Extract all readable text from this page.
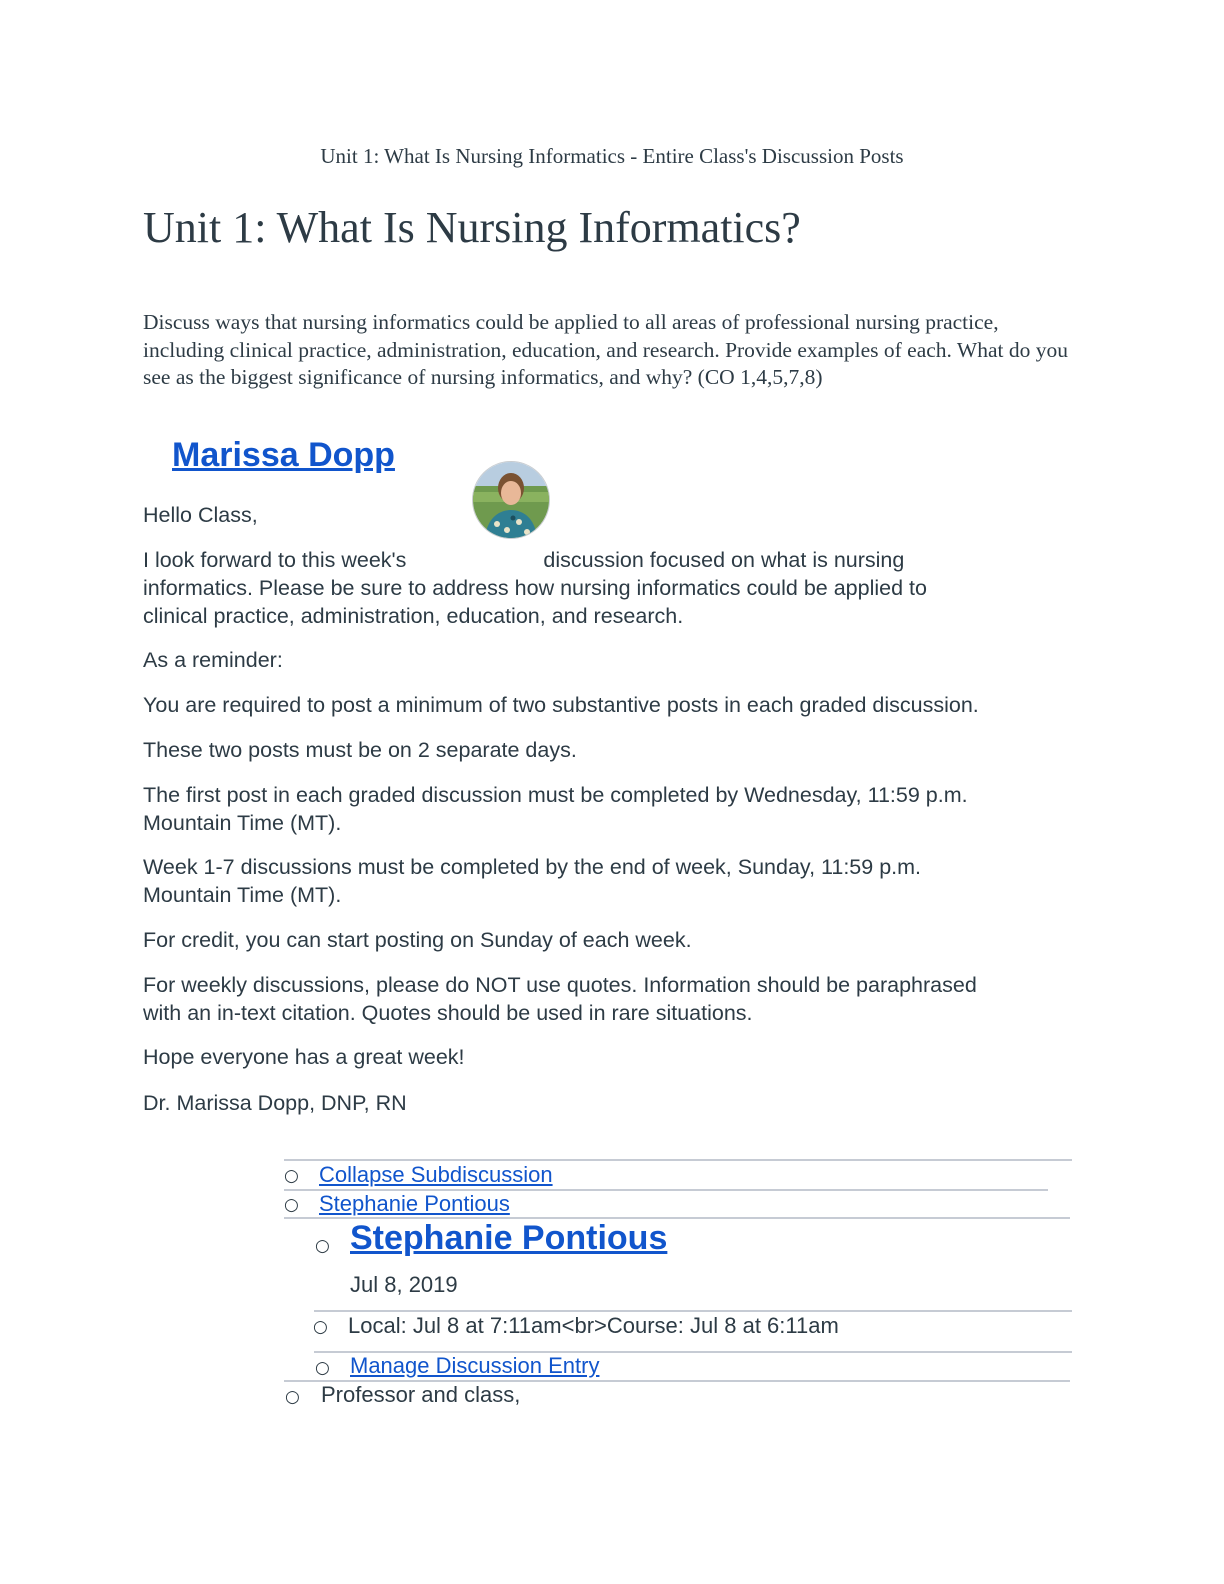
Unit 1: What Is Nursing Informatics - Entire Class's Discussion Posts
Unit 1: What Is Nursing Informatics?

Discuss ways that nursing informatics could be applied to all areas of professional nursing practice, including clinical practice, administration, education, and research. Provide examples of each. What do you see as the biggest significance of nursing informatics, and why? (CO 1,4,5,7,8)

Marissa Dopp

Hello Class,

I look forward to this week's	discussion focused on what is nursing
informatics. Please be sure to address how nursing informatics could be applied to
clinical practice, administration, education, and research.

As a reminder:

You are required to post a minimum of two substantive posts in each graded discussion.

These two posts must be on 2 separate days.

The first post in each graded discussion must be completed by Wednesday, 11:59 p.m.
Mountain Time (MT).

Week 1-7 discussions must be completed by the end of week, Sunday, 11:59 p.m.
Mountain Time (MT).

For credit, you can start posting on Sunday of each week.

For weekly discussions, please do NOT use quotes. Information should be paraphrased
with an in-text citation. Quotes should be used in rare situations.

Hope everyone has a great week!

Dr. Marissa Dopp, DNP, RN

○ Collapse Subdiscussion
○ Stephanie Pontious
○ Stephanie Pontious

Jul 8, 2019

○ Local: Jul 8 at 7:11am<br>Course: Jul 8 at 6:11am

○ Manage Discussion Entry
○ Professor and class,
